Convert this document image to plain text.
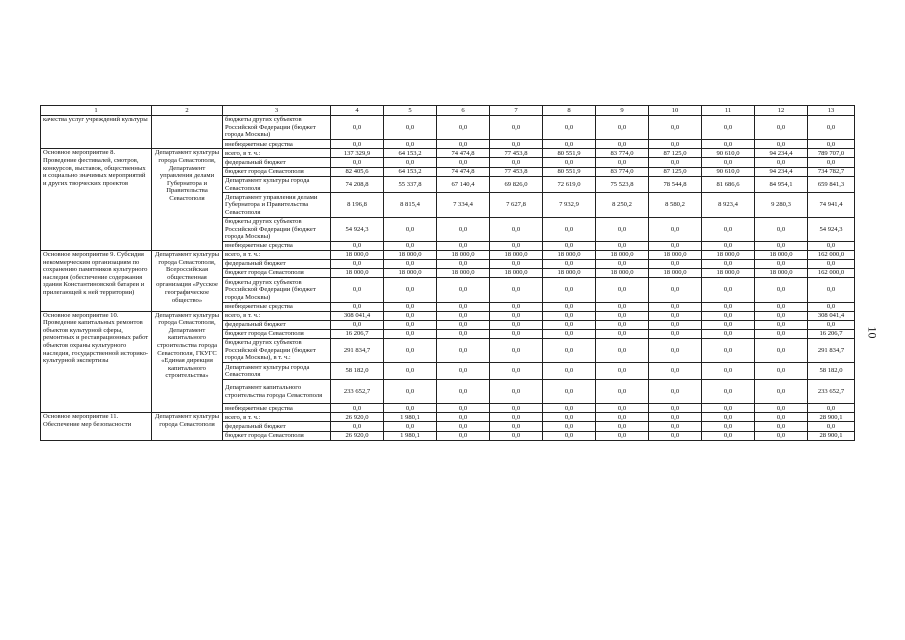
1	2	3	4	5	6	7	8	9	10	11	12	13
качества услуг учреждений культуры		бюджеты других субъектов Российской Федерации (бюджет города Москвы)	0,0	0,0	0,0	0,0	0,0	0,0	0,0	0,0	0,0	0,0
		внебюджетные средства	0,0	0,0	0,0	0,0	0,0	0,0	0,0	0,0	0,0	0,0
Основное мероприятие 8. Проведение фестивалей, смотров, конкурсов, выставок, общественных и социально значимых мероприятий и других творческих проектов	Департамент культуры города Севастополя, Департамент управления делами Губернатора и Правительства Севастополя	всего, в т. ч.:	137 329,9	64 153,2	74 474,8	77 453,8	80 551,9	83 774,0	87 125,0	90 610,0	94 234,4	789 707,0
		федеральный бюджет	0,0	0,0	0,0	0,0	0,0	0,0	0,0	0,0	0,0	0,0
		бюджет города Севастополя	82 405,6	64 153,2	74 474,8	77 453,8	80 551,9	83 774,0	87 125,0	90 610,0	94 234,4	734 782,7
		Департамент культуры города Севастополя	74 208,8	55 337,8	67 140,4	69 826,0	72 619,0	75 523,8	78 544,8	81 686,6	84 954,1	659 841,3
		Департамент управления делами Губернатора и Правительства Севастополя	8 196,8	8 815,4	7 334,4	7 627,8	7 932,9	8 250,2	8 580,2	8 923,4	9 280,3	74 941,4
		бюджеты других субъектов Российской Федерации (бюджет города Москвы)	54 924,3	0,0	0,0	0,0	0,0	0,0	0,0	0,0	0,0	54 924,3
		внебюджетные средства	0,0	0,0	0,0	0,0	0,0	0,0	0,0	0,0	0,0	0,0
Основное мероприятие 9. Субсидия некоммерческим организациям по сохранению памятников культурного наследия (обеспечение содержания здания Константиновской батареи и прилегающей к ней территории)	Департамент культуры города Севастополя, Всероссийская общественная организация «Русское географическое общество»	всего, в т. ч.:	18 000,0	18 000,0	18 000,0	18 000,0	18 000,0	18 000,0	18 000,0	18 000,0	18 000,0	162 000,0
		федеральный бюджет	0,0	0,0	0,0	0,0	0,0	0,0	0,0	0,0	0,0	0,0
		бюджет города Севастополя	18 000,0	18 000,0	18 000,0	18 000,0	18 000,0	18 000,0	18 000,0	18 000,0	18 000,0	162 000,0
		бюджеты других субъектов Российской Федерации (бюджет города Москвы)	0,0	0,0	0,0	0,0	0,0	0,0	0,0	0,0	0,0	0,0
		внебюджетные средства	0,0	0,0	0,0	0,0	0,0	0,0	0,0	0,0	0,0	0,0
Основное мероприятие 10. Проведение капитальных ремонтов объектов культурной сферы, ремонтных и реставрационных работ объектов охраны культурного наследия, государственной историко-культурной экспертизы	Департамент культуры города Севастополя, Департамент капитального строительства города Севастополя, ГКУГС «Единая дирекция капитального строительства»	всего, в т. ч.:	308 041,4	0,0	0,0	0,0	0,0	0,0	0,0	0,0	0,0	308 041,4
		федеральный бюджет	0,0	0,0	0,0	0,0	0,0	0,0	0,0	0,0	0,0	0,0
		бюджет города Севастополя	16 206,7	0,0	0,0	0,0	0,0	0,0	0,0	0,0	0,0	16 206,7
		бюджеты других субъектов Российской Федерации (бюджет города Москвы), в т. ч.:	291 834,7	0,0	0,0	0,0	0,0	0,0	0,0	0,0	0,0	291 834,7
		Департамент культуры города Севастополя	58 182,0	0,0	0,0	0,0	0,0	0,0	0,0	0,0	0,0	58 182,0
		Департамент капитального строительства города Севастополя	233 652,7	0,0	0,0	0,0	0,0	0,0	0,0	0,0	0,0	233 652,7
		внебюджетные средства	0,0	0,0	0,0	0,0	0,0	0,0	0,0	0,0	0,0	0,0
Основное мероприятие 11. Обеспечение мер безопасности	Департамент культуры города Севастополя	всего, в т. ч.:	26 920,0	1 980,1	0,0	0,0	0,0	0,0	0,0	0,0	0,0	28 900,1
		федеральный бюджет	0,0	0,0	0,0	0,0	0,0	0,0	0,0	0,0	0,0	0,0
		бюджет города Севастополя	26 920,0	1 980,1	0,0	0,0	0,0	0,0	0,0	0,0	0,0	28 900,1
10
